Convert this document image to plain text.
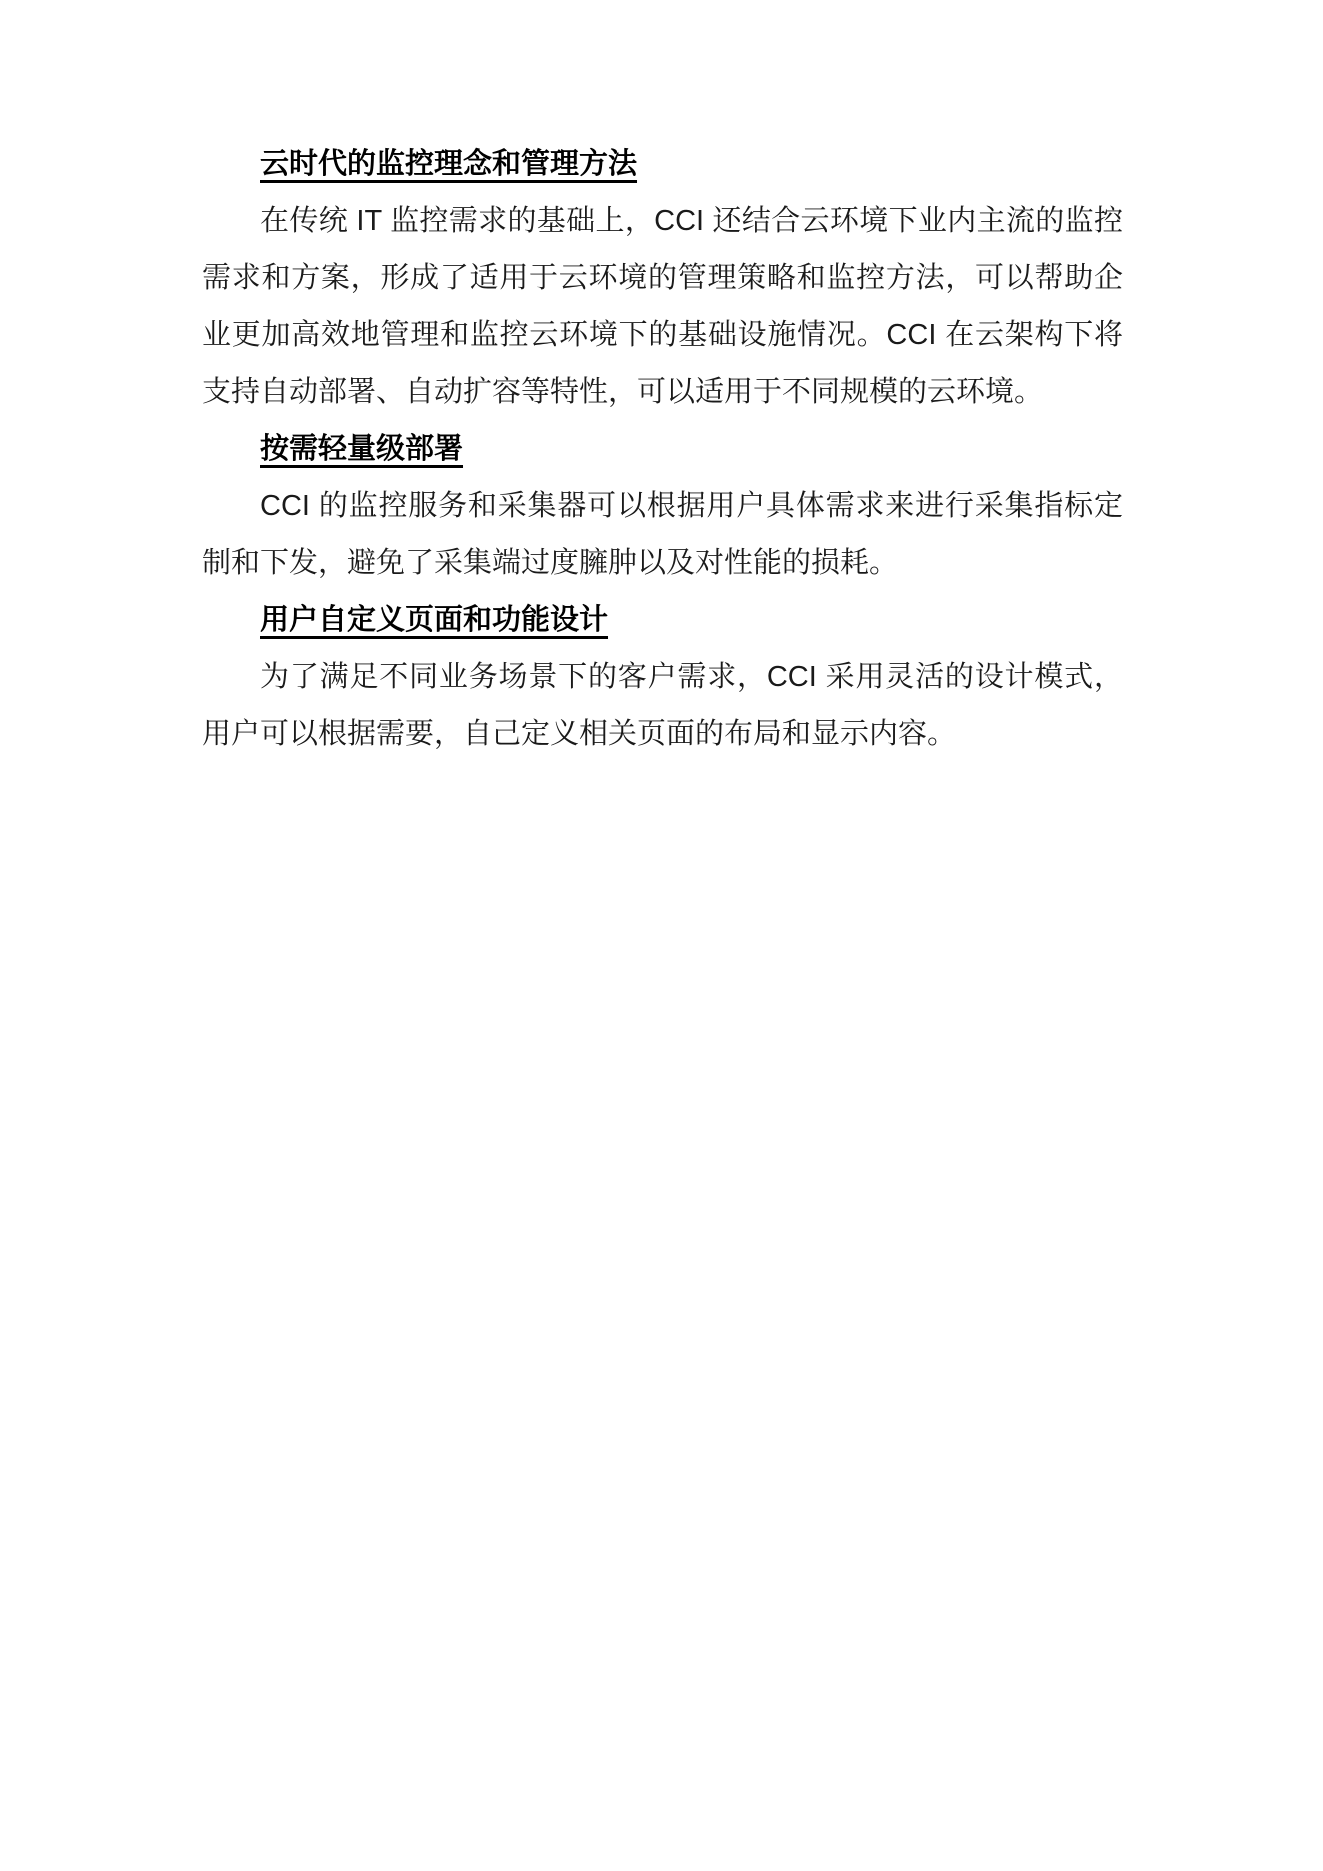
云时代的监控理念和管理方法

在传统 IT 监控需求的基础上，CCI 还结合云环境下业内主流的监控需求和方案，形成了适用于云环境的管理策略和监控方法，可以帮助企业更加高效地管理和监控云环境下的基础设施情况。CCI 在云架构下将支持自动部署、自动扩容等特性，可以适用于不同规模的云环境。

按需轻量级部署

CCI 的监控服务和采集器可以根据用户具体需求来进行采集指标定制和下发，避免了采集端过度臃肿以及对性能的损耗。

用户自定义页面和功能设计

为了满足不同业务场景下的客户需求，CCI 采用灵活的设计模式，用户可以根据需要，自己定义相关页面的布局和显示内容。
